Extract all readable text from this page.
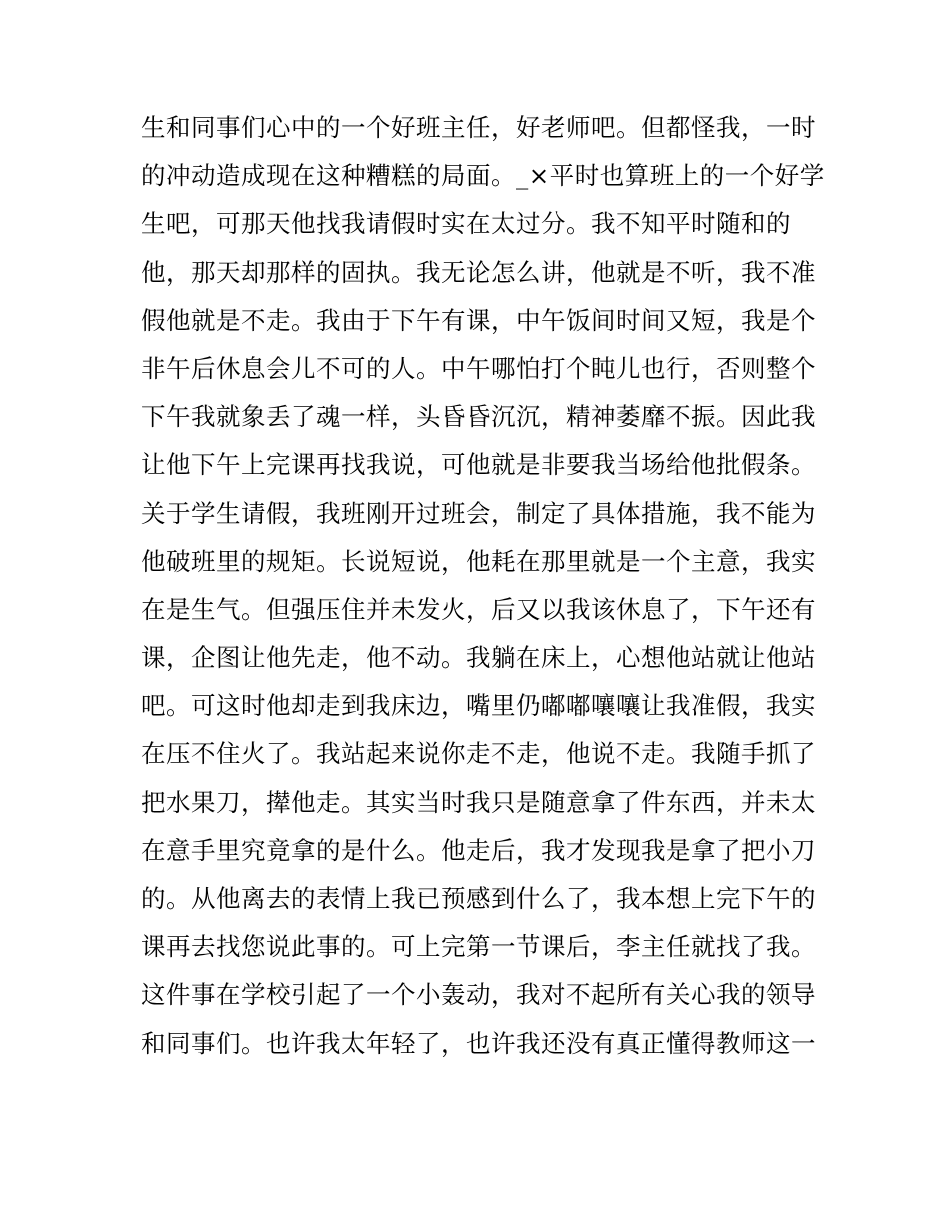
生和同事们心中的一个好班主任，好老师吧。但都怪我，一时
的冲动造成现在这种糟糕的局面。_×平时也算班上的一个好学
生吧，可那天他找我请假时实在太过分。我不知平时随和的
他，那天却那样的固执。我无论怎么讲，他就是不听，我不准
假他就是不走。我由于下午有课，中午饭间时间又短，我是个
非午后休息会儿不可的人。中午哪怕打个盹儿也行，否则整个
下午我就象丢了魂一样，头昏昏沉沉，精神萎靡不振。因此我
让他下午上完课再找我说，可他就是非要我当场给他批假条。
关于学生请假，我班刚开过班会，制定了具体措施，我不能为
他破班里的规矩。长说短说，他耗在那里就是一个主意，我实
在是生气。但强压住并未发火，后又以我该休息了，下午还有
课，企图让他先走，他不动。我躺在床上，心想他站就让他站
吧。可这时他却走到我床边，嘴里仍嘟嘟嚷嚷让我准假，我实
在压不住火了。我站起来说你走不走，他说不走。我随手抓了
把水果刀，撵他走。其实当时我只是随意拿了件东西，并未太
在意手里究竟拿的是什么。他走后，我才发现我是拿了把小刀
的。从他离去的表情上我已预感到什么了，我本想上完下午的
课再去找您说此事的。可上完第一节课后，李主任就找了我。
这件事在学校引起了一个小轰动，我对不起所有关心我的领导
和同事们。也许我太年轻了，也许我还没有真正懂得教师这一
